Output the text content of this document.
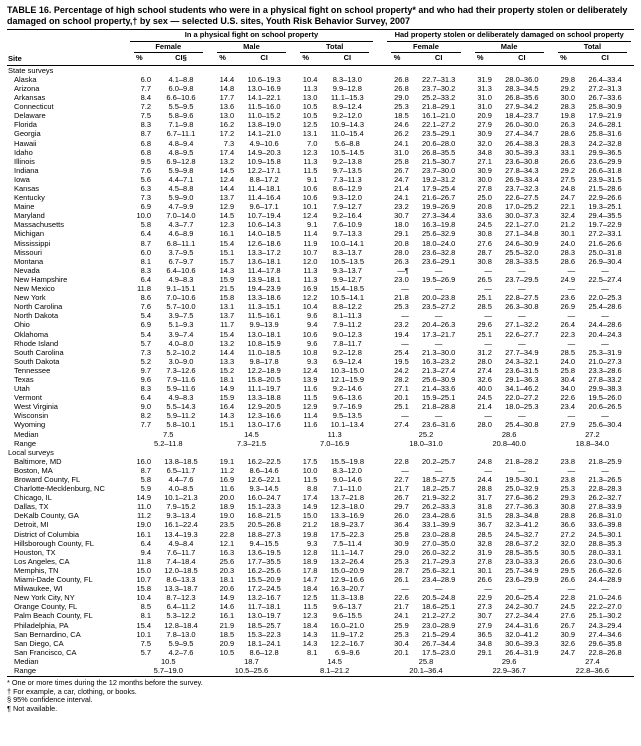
TABLE 16. Percentage of high school students who were in a physical fight on school property* and who had their property stolen or deliberately damaged on school property,† by sex — selected U.S. sites, Youth Risk Behavior Survey, 2007
Site	In a physical fight on school property							Had property stolen or deliberately damaged on school property					

	Female		Male		Total			Female		Male		Total	

	%	CI§	%	CI	%	CI		%	CI	%	CI	%	CI
State surveys													
Alaska	6.0	4.1–8.8	14.4	10.6–19.3	10.4	8.3–13.0		26.8	22.7–31.3	31.9	28.0–36.0	29.8	26.4–33.4
Arizona	7.7	6.0–9.8	14.8	13.0–16.9	11.3	9.9–12.8		26.8	23.7–30.2	31.3	28.3–34.5	29.2	27.2–31.3
Arkansas	8.4	6.6–10.6	17.7	14.1–22.1	13.0	11.1–15.3		29.0	25.2–33.2	31.0	26.8–35.6	30.0	26.7–33.6
Connecticut	7.2	5.5–9.5	13.6	11.5–16.0	10.5	8.9–12.4		25.3	21.8–29.1	31.0	27.9–34.2	28.3	25.8–30.9
Delaware	7.5	5.8–9.6	13.0	11.0–15.2	10.5	9.2–12.0		18.5	16.1–21.0	20.9	18.4–23.7	19.8	17.9–21.9
Florida	8.3	7.1–9.8	16.2	13.8–19.0	12.5	10.9–14.3		24.6	22.1–27.2	27.9	26.0–30.0	26.3	24.6–28.1
Georgia	8.7	6.7–11.1	17.2	14.1–21.0	13.1	11.0–15.4		26.2	23.5–29.1	30.9	27.4–34.7	28.6	25.8–31.6
Hawaii	6.8	4.8–9.4	7.3	4.9–10.6	7.0	5.6–8.8		24.1	20.6–28.0	32.0	26.4–38.3	28.3	24.2–32.8
Idaho	6.8	4.8–9.5	17.4	14.9–20.3	12.3	10.5–14.5		31.0	26.8–35.5	34.8	30.5–39.3	33.1	29.9–36.5
Illinois	9.5	6.9–12.8	13.2	10.9–15.8	11.3	9.2–13.8		25.8	21.5–30.7	27.1	23.6–30.8	26.6	23.6–29.9
Indiana	7.6	5.9–9.8	14.5	12.2–17.1	11.5	9.7–13.5		26.7	23.7–30.0	30.9	27.8–34.3	29.2	26.6–31.8
Iowa	5.6	4.4–7.1	12.4	8.8–17.2	9.1	7.3–11.3		24.7	19.2–31.2	30.0	26.9–33.4	27.5	23.9–31.5
Kansas	6.3	4.5–8.8	14.4	11.4–18.1	10.6	8.6–12.9		21.4	17.9–25.4	27.8	23.7–32.3	24.8	21.5–28.6
Kentucky	7.3	5.9–9.0	13.7	11.4–16.4	10.6	9.3–12.0		24.1	21.6–26.7	25.0	22.6–27.5	24.7	22.9–26.6
Maine	6.9	4.7–9.9	12.9	9.6–17.1	10.1	7.9–12.7		23.2	19.9–26.9	20.8	17.0–25.2	22.1	19.3–25.1
Maryland	10.0	7.0–14.0	14.5	10.7–19.4	12.4	9.2–16.4		30.7	27.3–34.4	33.6	30.0–37.3	32.4	29.4–35.5
Massachusetts	5.8	4.3–7.7	12.3	10.6–14.3	9.1	7.6–10.9		18.0	16.3–19.8	24.5	22.1–27.0	21.2	19.7–22.9
Michigan	6.4	4.6–8.9	16.1	14.0–18.5	11.4	9.7–13.3		29.1	25.6–32.9	30.8	27.1–34.8	30.1	27.2–33.1
Mississippi	8.7	6.8–11.1	15.4	12.6–18.6	11.9	10.0–14.1		20.8	18.0–24.0	27.6	24.6–30.9	24.0	21.6–26.6
Missouri	6.0	3.7–9.5	15.1	13.3–17.2	10.7	8.3–13.7		28.0	23.6–32.8	28.7	25.5–32.0	28.3	25.0–31.8
Montana	8.1	6.7–9.7	15.7	13.6–18.1	12.0	10.5–13.5		26.3	23.6–29.1	30.8	28.3–33.5	28.6	26.9–30.4
Nevada	8.3	6.4–10.6	14.3	11.4–17.8	11.3	9.3–13.7		—¶	—	—	—	—	—
New Hampshire	6.4	4.9–8.3	15.9	13.9–18.1	11.3	9.9–12.7		23.0	19.5–26.9	26.5	23.7–29.5	24.9	22.5–27.4
New Mexico	11.8	9.1–15.1	21.5	19.4–23.9	16.9	15.4–18.5		—	—	—	—	—	—
New York	8.6	7.0–10.6	15.8	13.3–18.6	12.2	10.5–14.1		21.8	20.0–23.8	25.1	22.8–27.5	23.6	22.0–25.3
North Carolina	7.6	5.7–10.0	13.1	11.3–15.1	10.4	8.8–12.2		25.3	23.5–27.2	28.5	26.3–30.8	26.9	25.4–28.6
North Dakota	5.4	3.9–7.5	13.7	11.5–16.1	9.6	8.1–11.3		—	—	—	—	—	—
Ohio	6.9	5.1–9.3	11.7	9.9–13.9	9.4	7.9–11.2		23.2	20.4–26.3	29.6	27.1–32.2	26.4	24.4–28.6
Oklahoma	5.4	3.9–7.4	15.4	13.0–18.1	10.6	9.0–12.3		19.4	17.3–21.7	25.1	22.6–27.7	22.3	20.4–24.3
Rhode Island	5.7	4.0–8.0	13.2	10.8–15.9	9.6	7.8–11.7		—	—	—	—	—	—
South Carolina	7.3	5.2–10.2	14.4	11.0–18.5	10.8	9.2–12.8		25.4	21.3–30.0	31.2	27.7–34.9	28.5	25.3–31.9
South Dakota	5.2	3.0–9.0	13.3	9.8–17.8	9.3	6.9–12.4		19.5	16.3–23.2	28.0	24.3–32.1	24.0	21.0–27.3
Tennessee	9.7	7.3–12.6	15.2	12.2–18.9	12.4	10.3–15.0		24.2	21.3–27.4	27.4	23.6–31.5	25.8	23.3–28.6
Texas	9.6	7.9–11.6	18.1	15.8–20.5	13.9	12.1–15.9		28.2	25.6–30.9	32.6	29.1–36.3	30.4	27.8–33.2
Utah	8.3	5.9–11.6	14.9	11.1–19.7	11.6	9.2–14.6		27.1	21.4–33.6	40.0	34.1–46.2	34.0	29.9–38.3
Vermont	6.4	4.9–8.3	15.9	13.3–18.8	11.5	9.6–13.6		20.1	15.9–25.1	24.5	22.0–27.2	22.6	19.5–26.0
West Virginia	9.0	5.5–14.3	16.4	12.9–20.5	12.9	9.7–16.9		25.1	21.8–28.8	21.4	18.0–25.3	23.4	20.6–26.5
Wisconsin	8.2	5.9–11.2	14.3	12.3–16.6	11.4	9.5–13.5		—	—	—	—	—	—
Wyoming	7.7	5.8–10.1	15.1	13.0–17.6	11.6	10.1–13.4		27.4	23.6–31.6	28.0	25.4–30.8	27.9	25.6–30.4
Median	7.5		14.5		11.3			25.2		28.6		27.2	
Range	5.2–11.8		7.3–21.5		7.0–16.9			18.0–31.0		20.8–40.0		18.8–34.0	
Local surveys													
Baltimore, MD	16.0	13.8–18.5	19.1	16.2–22.5	17.5	15.5–19.8		22.8	20.2–25.7	24.8	21.8–28.2	23.8	21.8–25.9
Boston, MA	8.7	6.5–11.7	11.2	8.6–14.6	10.0	8.3–12.0		—	—	—	—	—	—
Broward County, FL	5.8	4.4–7.6	16.9	12.6–22.1	11.5	9.0–14.6		22.7	18.5–27.5	24.4	19.5–30.1	23.8	21.3–26.5
Charlotte-Mecklenburg, NC	5.9	4.0–8.5	11.6	9.3–14.5	8.8	7.1–11.0		21.7	18.2–25.7	28.8	25.0–32.9	25.3	22.8–28.3
Chicago, IL	14.9	10.1–21.3	20.0	16.0–24.7	17.4	13.7–21.8		26.7	21.9–32.2	31.7	27.6–36.2	29.3	26.2–32.7
Dallas, TX	11.0	7.9–15.2	18.9	15.1–23.3	14.9	12.3–18.0		29.7	26.2–33.3	31.8	27.7–36.3	30.8	27.8–33.9
DeKalb County, GA	11.2	9.3–13.4	19.0	16.8–21.5	15.0	13.3–16.9		26.0	23.4–28.6	31.5	28.3–34.8	28.8	26.8–31.0
Detroit, MI	19.0	16.1–22.4	23.5	20.5–26.8	21.2	18.9–23.7		36.4	33.1–39.9	36.7	32.3–41.2	36.6	33.6–39.8
District of Columbia	16.1	13.4–19.3	22.8	18.8–27.3	19.8	17.5–22.3		25.8	23.0–28.8	28.5	24.5–32.7	27.2	24.5–30.1
Hillsborough County, FL	6.4	4.9–8.4	12.1	9.4–15.5	9.3	7.5–11.4		30.9	27.0–35.0	32.8	28.6–37.2	32.0	28.8–35.3
Houston, TX	9.4	7.6–11.7	16.3	13.6–19.5	12.8	11.1–14.7		29.0	26.0–32.2	31.9	28.5–35.5	30.5	28.0–33.1
Los Angeles, CA	11.8	7.4–18.4	25.6	17.7–35.5	18.9	13.2–26.4		25.3	21.7–29.3	27.8	23.0–33.3	26.6	23.0–30.6
Memphis, TN	15.0	12.0–18.5	20.3	16.2–25.6	17.8	15.0–20.9		28.7	25.6–32.1	30.1	25.7–34.9	29.5	26.6–32.6
Miami-Dade County, FL	10.7	8.6–13.3	18.1	15.5–20.9	14.7	12.9–16.6		26.1	23.4–28.9	26.6	23.6–29.9	26.6	24.4–28.9
Milwaukee, WI	15.8	13.3–18.7	20.6	17.2–24.5	18.4	16.3–20.7		—	—	—	—	—	—
New York City, NY	10.4	8.7–12.3	14.9	13.2–16.7	12.5	11.3–13.8		22.6	20.5–24.8	22.9	20.6–25.4	22.8	21.0–24.6
Orange County, FL	8.5	6.4–11.2	14.6	11.7–18.1	11.5	9.6–13.7		21.7	18.6–25.1	27.3	24.2–30.7	24.5	22.2–27.0
Palm Beach County, FL	8.1	5.3–12.2	16.1	13.0–19.7	12.3	9.6–15.5		24.1	21.2–27.2	30.7	27.2–34.4	27.6	25.1–30.2
Philadelphia, PA	15.4	12.8–18.4	21.9	18.5–25.7	18.4	16.0–21.0		25.9	23.0–28.9	27.9	24.4–31.6	26.7	24.3–29.4
San Bernardino, CA	10.1	7.8–13.0	18.5	15.3–22.3	14.3	11.9–17.2		25.3	21.5–29.4	36.5	32.0–41.2	30.9	27.4–34.6
San Diego, CA	7.5	5.9–9.5	20.9	18.1–24.1	14.3	12.2–16.7		30.4	26.7–34.4	34.8	30.6–39.3	32.6	29.6–35.8
San Francisco, CA	5.7	4.2–7.6	10.5	8.6–12.8	8.1	6.9–9.6		20.1	17.5–23.0	29.1	26.4–31.9	24.7	22.8–26.8
Median	10.5		18.7		14.5			25.8		29.6		27.4	
Range	5.7–19.0		10.5–25.6		8.1–21.2			20.1–36.4		22.9–36.7		22.8–36.6	
* One or more times during the 12 months before the survey.
† For example, a car, clothing, or books.
§ 95% confidence interval.
¶ Not available.
